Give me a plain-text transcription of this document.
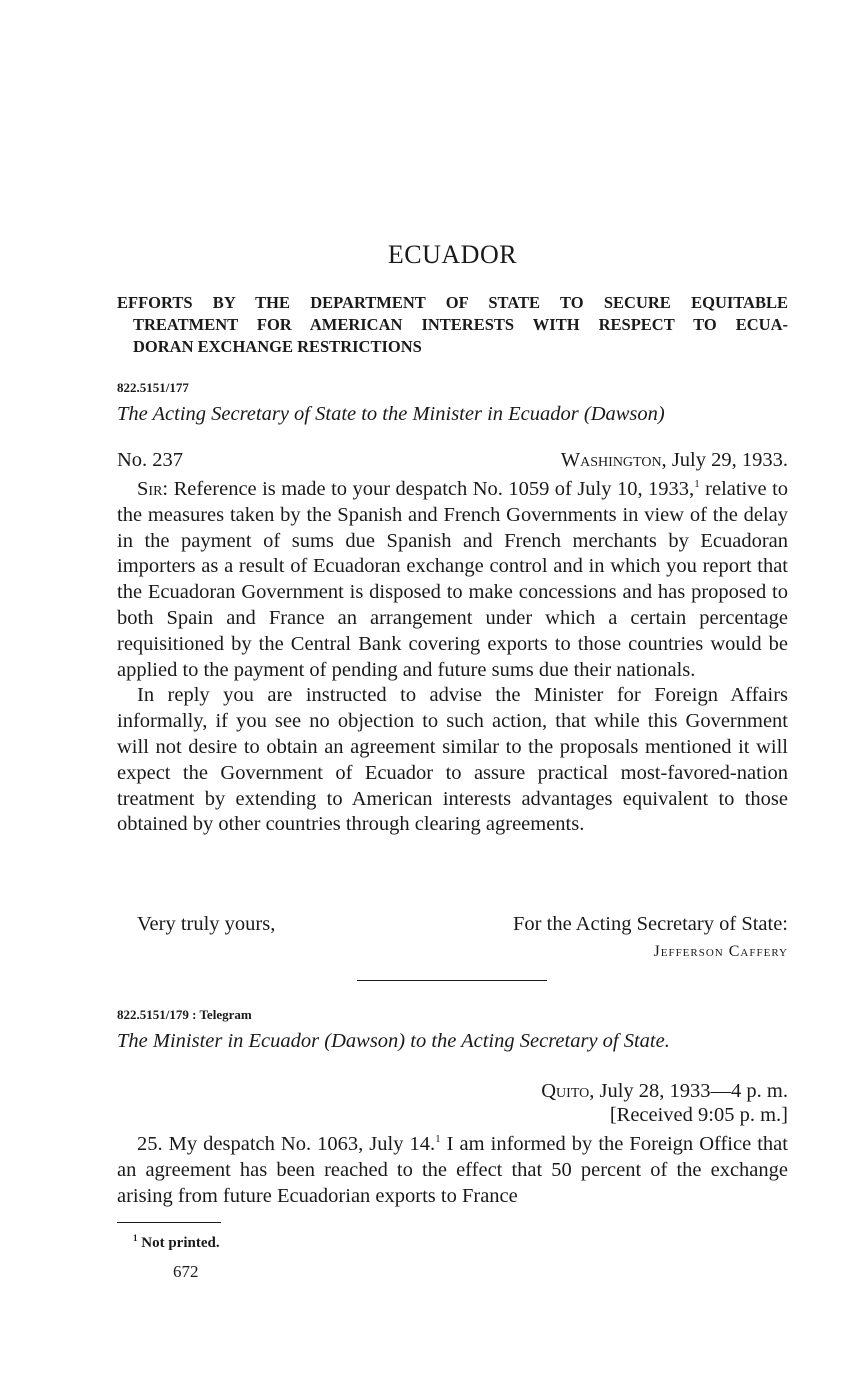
ECUADOR
EFFORTS BY THE DEPARTMENT OF STATE TO SECURE EQUITABLE
TREATMENT FOR AMERICAN INTERESTS WITH RESPECT TO ECUA-
DORAN EXCHANGE RESTRICTIONS
822.5151/177
The Acting Secretary of State to the Minister in Ecuador (Dawson)
No. 237	Washington, July 29, 1933.

Sir: Reference is made to your despatch No. 1059 of July 10, 1933,$^1$ relative to the measures taken by the Spanish and French Governments in view of the delay in the payment of sums due Spanish and French merchants by Ecuadoran importers as a result of Ecuadoran exchange control and in which you report that the Ecuadoran Government is disposed to make concessions and has proposed to both Spain and France an arrangement under which a certain percentage requisitioned by the Central Bank covering exports to those countries would be applied to the payment of pending and future sums due their nationals.

In reply you are instructed to advise the Minister for Foreign Affairs informally, if you see no objection to such action, that while this Government will not desire to obtain an agreement similar to the proposals mentioned it will expect the Government of Ecuador to assure practical most-favored-nation treatment by extending to American interests advantages equivalent to those obtained by other countries through clearing agreements.

Very truly yours,	For the Acting Secretary of State:
Jefferson Caffery
822.5151/179 : Telegram
The Minister in Ecuador (Dawson) to the Acting Secretary of State.
Quito, July 28, 1933—4 p. m.
[Received 9:05 p. m.]

25. My despatch No. 1063, July 14.$^1$ I am informed by the Foreign Office that an agreement has been reached to the effect that 50 percent of the exchange arising from future Ecuadorian exports to France

$^1$ Not printed.
672
